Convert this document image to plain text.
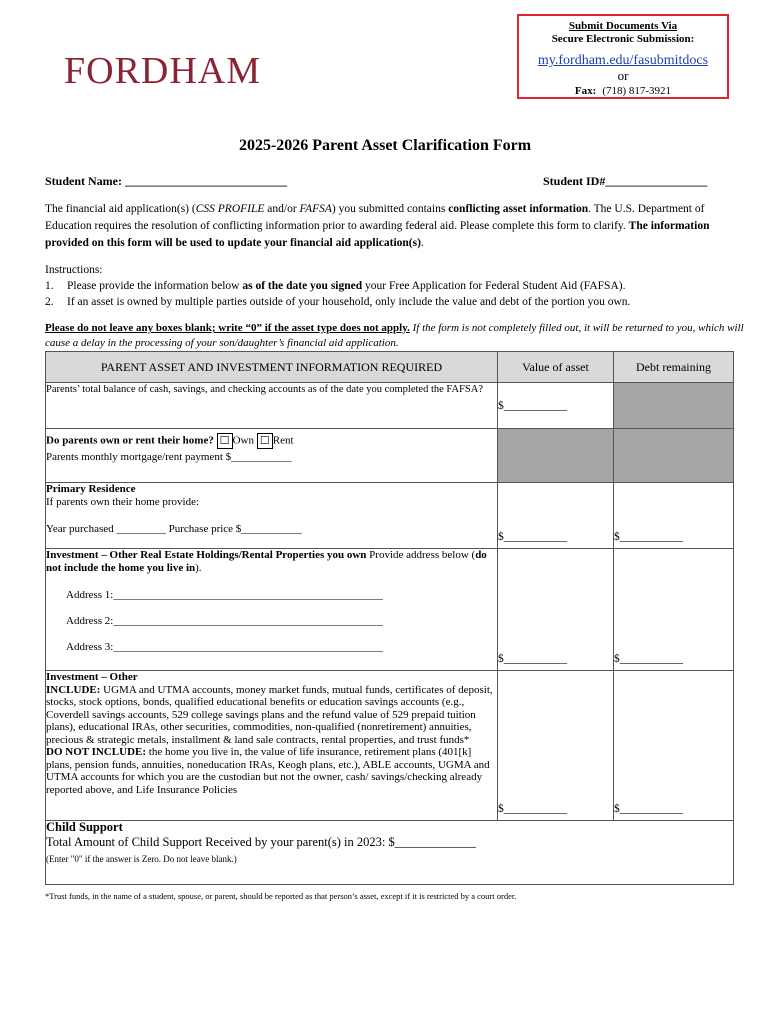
FORDHAM
Submit Documents Via
Secure Electronic Submission:
my.fordham.edu/fasubmitdocs
or
Fax: (718) 817-3921
2025-2026 Parent Asset Clarification Form
Student Name: ___________________________	Student ID#_________________
The financial aid application(s) (CSS PROFILE and/or FAFSA) you submitted contains conflicting asset information. The U.S. Department of Education requires the resolution of conflicting information prior to awarding federal aid. Please complete this form to clarify. The information provided on this form will be used to update your financial aid application(s).
Instructions:
1. Please provide the information below as of the date you signed your Free Application for Federal Student Aid (FAFSA).
2. If an asset is owned by multiple parties outside of your household, only include the value and debt of the portion you own.
Please do not leave any boxes blank; write “0” if the asset type does not apply. If the form is not completely filled out, it will be returned to you, which will cause a delay in the processing of your son/daughter’s financial aid application.
PARENT ASSET AND INVESTMENT INFORMATION REQUIRED	Value of asset	Debt remaining
Parents’ total balance of cash, savings, and checking accounts as of the date you completed the FAFSA?	$___________	

Do parents own or rent their home? ☐ Own ☐ Rent
Parents monthly mortgage/rent payment $___________		

Primary Residence
If parents own their home provide:
Year purchased _________ Purchase price $___________	$___________	$___________

Investment – Other Real Estate Holdings/Rental Properties you own Provide address below (do not include the home you live in).
Address 1:_________________________________________________
Address 2:_________________________________________________
Address 3:_________________________________________________	$___________	$___________

Investment – Other
INCLUDE: UGMA and UTMA accounts, money market funds, mutual funds, certificates of deposit, stocks, stock options, bonds, qualified educational benefits or education savings accounts (e.g., Coverdell savings accounts, 529 college savings plans and the refund value of 529 prepaid tuition plans), educational IRAs, other securities, commodities, non-qualified (nonretirement) annuities, precious & strategic metals, installment & land sale contracts, rental properties, and trust funds*
DO NOT INCLUDE: the home you live in, the value of life insurance, retirement plans (401[k] plans, pension funds, annuities, noneducation IRAs, Keogh plans, etc.), ABLE accounts, UGMA and UTMA accounts for which you are the custodian but not the owner, cash/ savings/checking already reported above, and Life Insurance Policies	$___________	$___________

Child Support
Total Amount of Child Support Received by your parent(s) in 2023: $_____________
(Enter "0" if the answer is Zero. Do not leave blank.)		
*Trust funds, in the name of a student, spouse, or parent, should be reported as that person’s asset, except if it is restricted by a court order.
